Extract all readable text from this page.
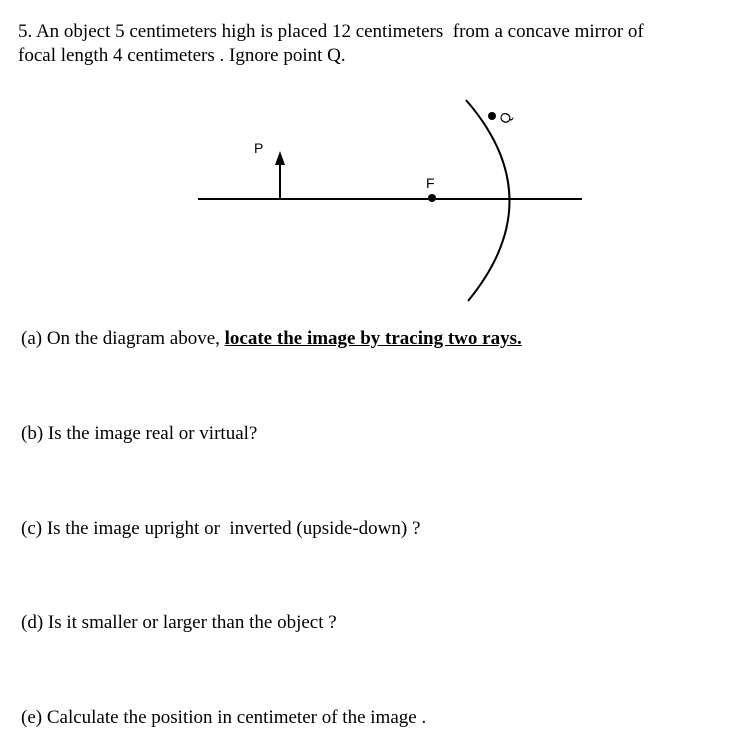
5. An object 5 centimeters high is placed 12 centimeters  from a concave mirror of
focal length 4 centimeters . Ignore point Q.
P
F
Q
(a) On the diagram above, locate the image by tracing two rays.
(b) Is the image real or virtual?
(c) Is the image upright or  inverted (upside-down) ?
(d) Is it smaller or larger than the object ?
(e) Calculate the position in centimeter of the image .
